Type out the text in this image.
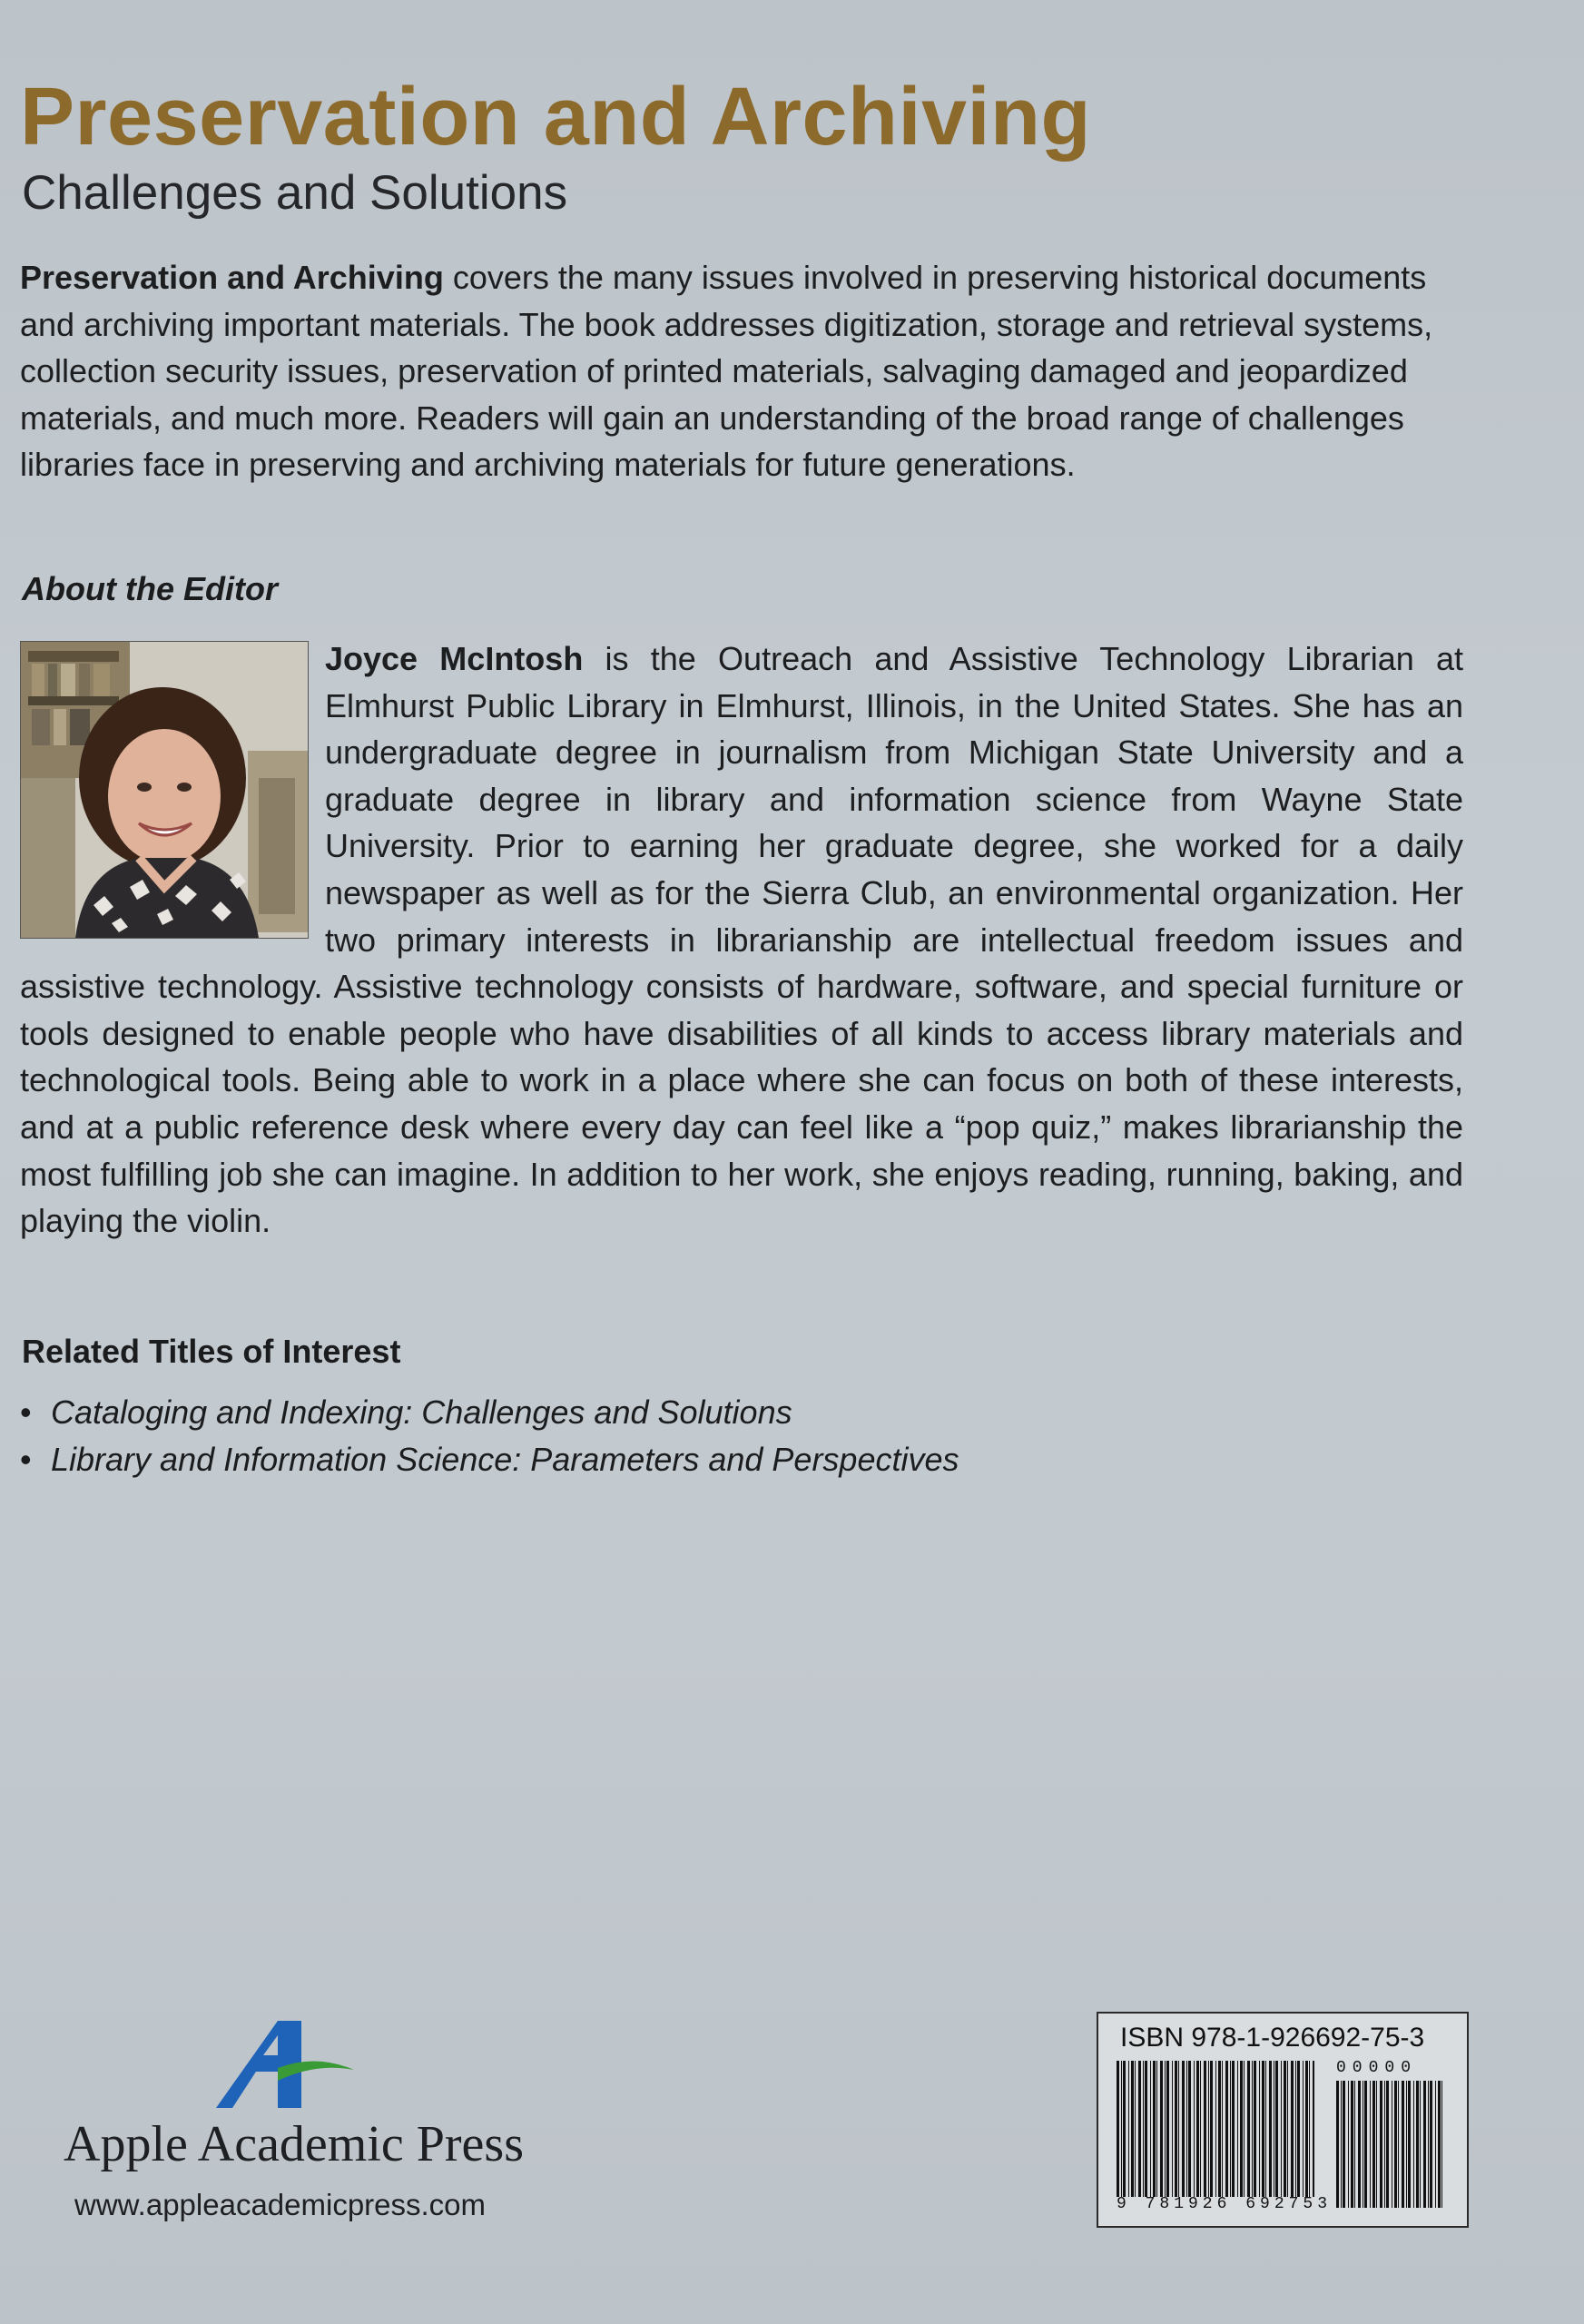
Preservation and Archiving
Challenges and Solutions
Preservation and Archiving covers the many issues involved in preserving historical documents and archiving important materials. The book addresses digitization, storage and retrieval systems, collection security issues, preservation of printed materials, salvaging damaged and jeopardized materials, and much more. Readers will gain an understanding of the broad range of challenges libraries face in preserving and archiving materials for future generations.
About the Editor
Joyce McIntosh is the Outreach and Assistive Technology Librarian at Elmhurst Public Library in Elmhurst, Illinois, in the United States. She has an undergraduate degree in journalism from Michigan State University and a graduate degree in library and information science from Wayne State University. Prior to earning her graduate degree, she worked for a daily newspaper as well as for the Sierra Club, an environmental organization. Her two primary interests in librarianship are intellectual freedom issues and assistive technology. Assistive technology consists of hardware, software, and special furniture or tools designed to enable people who have disabilities of all kinds to access library materials and technological tools. Being able to work in a place where she can focus on both of these interests, and at a public reference desk where every day can feel like a “pop quiz,” makes librarianship the most fulfilling job she can imagine. In addition to her work, she enjoys reading, running, baking, and playing the violin.
Related Titles of Interest
• Cataloging and Indexing: Challenges and Solutions
• Library and Information Science: Parameters and Perspectives
Apple Academic Press
www.appleacademicpress.com
ISBN 978-1-926692-75-3
00000
9 781926 692753
